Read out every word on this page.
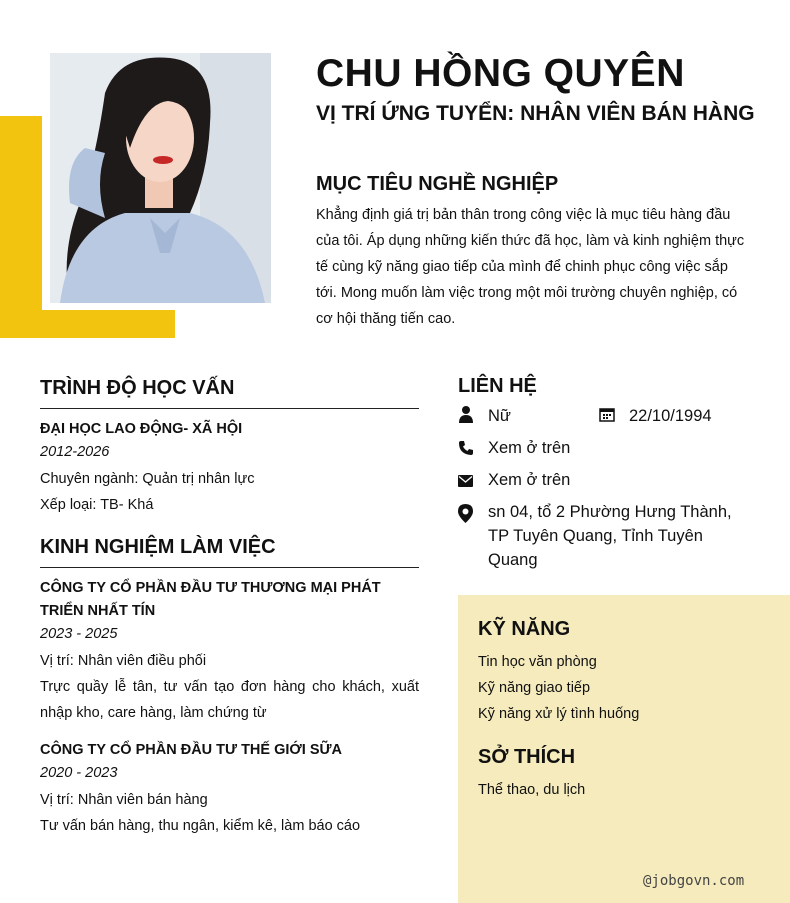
CHU HỒNG QUYÊN
VỊ TRÍ ỨNG TUYỂN: NHÂN VIÊN BÁN HÀNG
MỤC TIÊU NGHỀ NGHIỆP
Khẳng định giá trị bản thân trong công việc là mục tiêu hàng đầu của tôi. Áp dụng những kiến thức đã học, làm và kinh nghiệm thực tế cùng kỹ năng giao tiếp của mình để chinh phục công việc sắp tới. Mong muốn làm việc trong một môi trường chuyên nghiệp, có cơ hội thăng tiến cao.
TRÌNH ĐỘ HỌC VẤN
ĐẠI HỌC LAO ĐỘNG- XÃ HỘI
2012-2026
Chuyên ngành: Quản trị nhân lực
Xếp loại: TB- Khá
KINH NGHIỆM LÀM VIỆC
CÔNG TY CỔ PHẦN ĐẦU TƯ THƯƠNG MẠI PHÁT TRIỂN NHẤT TÍN
2023 - 2025
Vị trí: Nhân viên điều phối
Trực quầy lễ tân, tư vấn tạo đơn hàng cho khách, xuất nhập kho, care hàng, làm chứng từ
CÔNG TY CỔ PHẦN ĐẦU TƯ THẾ GIỚI SỮA
2020 - 2023
Vị trí: Nhân viên bán hàng
Tư vấn bán hàng, thu ngân, kiểm kê, làm báo cáo
LIÊN HỆ
Nữ	22/10/1994
Xem ở trên
Xem ở trên
sn 04, tổ 2 Phường Hưng Thành, TP Tuyên Quang, Tỉnh Tuyên Quang
KỸ NĂNG
Tin học văn phòng
Kỹ năng giao tiếp
Kỹ năng xử lý tình huống
SỞ THÍCH
Thể thao, du lịch
@jobgovn.com
